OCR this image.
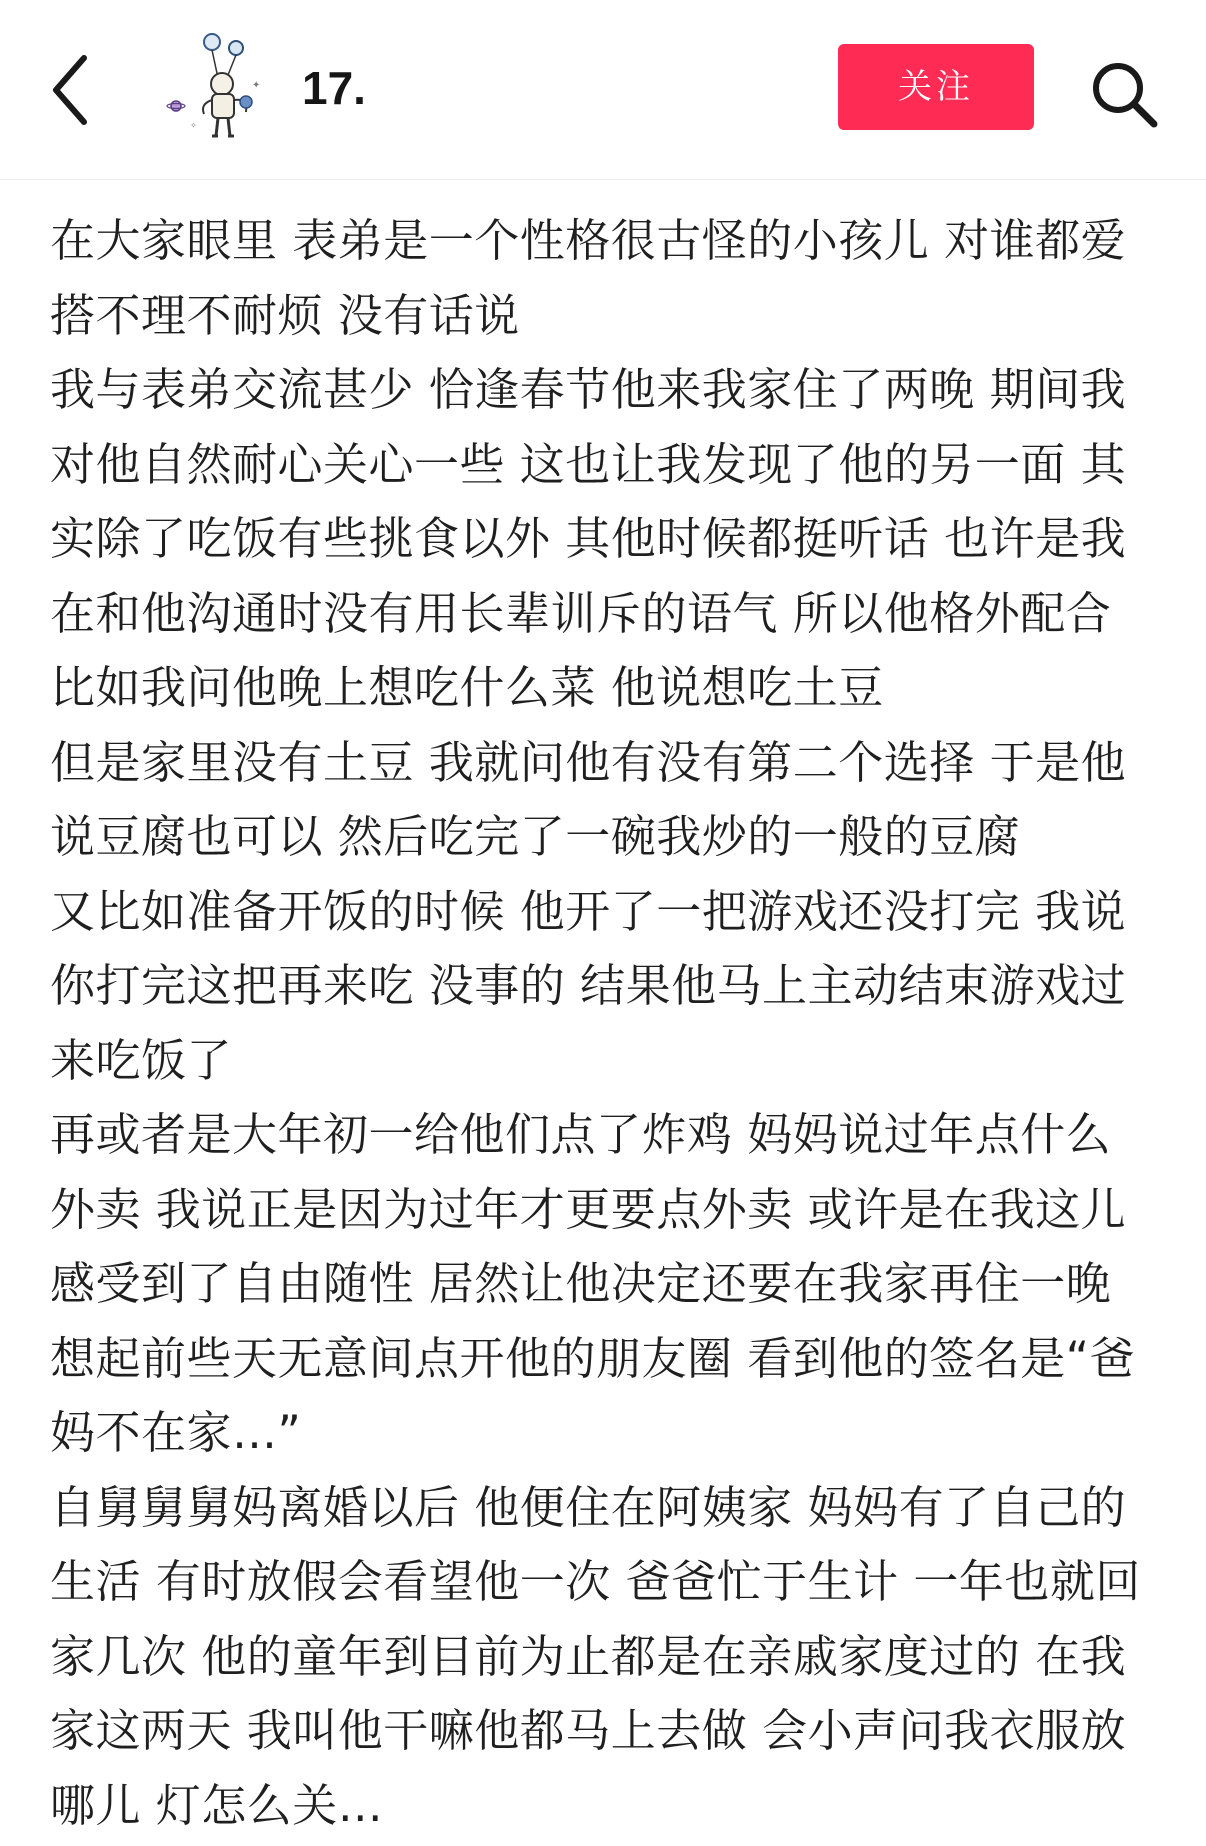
✦
✧
17.	关注
在大家眼里 表弟是一个性格很古怪的小孩儿 对谁都爱
搭不理不耐烦 没有话说
我与表弟交流甚少 恰逢春节他来我家住了两晚 期间我
对他自然耐心关心一些 这也让我发现了他的另一面 其
实除了吃饭有些挑食以外 其他时候都挺听话 也许是我
在和他沟通时没有用长辈训斥的语气 所以他格外配合
比如我问他晚上想吃什么菜 他说想吃土豆
但是家里没有土豆 我就问他有没有第二个选择 于是他
说豆腐也可以 然后吃完了一碗我炒的一般的豆腐
又比如准备开饭的时候 他开了一把游戏还没打完 我说
你打完这把再来吃 没事的 结果他马上主动结束游戏过
来吃饭了
再或者是大年初一给他们点了炸鸡 妈妈说过年点什么
外卖 我说正是因为过年才更要点外卖 或许是在我这儿
感受到了自由随性 居然让他决定还要在我家再住一晚
想起前些天无意间点开他的朋友圈 看到他的签名是“爸
妈不在家…”
自舅舅舅妈离婚以后 他便住在阿姨家 妈妈有了自己的
生活 有时放假会看望他一次 爸爸忙于生计 一年也就回
家几次 他的童年到目前为止都是在亲戚家度过的 在我
家这两天 我叫他干嘛他都马上去做 会小声问我衣服放
哪儿 灯怎么关…
